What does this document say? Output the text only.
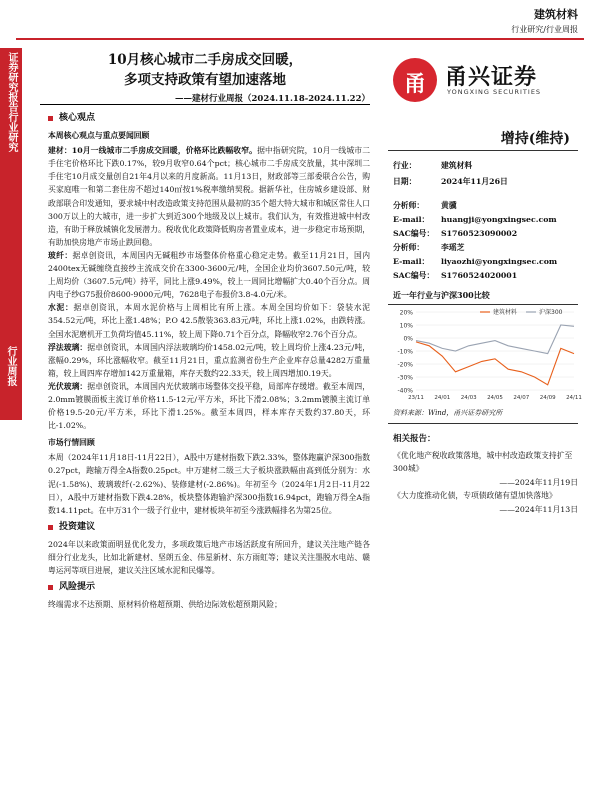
建筑材料
行业研究/行业周报
证券研究报告行业研究
行业周报
10月核心城市二手房成交回暖，
多项支持政策有望加速落地
——建材行业周报（2024.11.18-2024.11.22）
核心观点
本周核心观点与重点要闻回顾

建材：10月一线城市二手房成交回暖，价格环比跌幅收窄。据中指研究院，10月一线城市二手住宅价格环比下跌0.17%，较9月收窄0.64个pct；核心城市二手房成交放量，其中深圳二手住宅10月成交量创自21年4月以来的月度新高。11月13日，财政部等三部委联合公告，购买家庭唯一和第二套住房不超过140㎡按1%税率缴纳契税。据新华社，住房城乡建设部、财政部联合印发通知，要求城中村改造政策支持范围从最初的35个超大特大城市和城区常住人口300万以上的大城市，进一步扩大到近300个地级及以上城市。我们认为，有效推进城中村改造，有助于释放城镇化发展潜力。税收优化政策降低购房者置业成本，进一步稳定市场预期，有助加快房地产市场止跌回稳。

玻纤：据卓创资讯，本周国内无碱粗纱市场整体价格重心稳定走势。截至11月21日，国内2400tex无碱缠绕直接纱主流成交价在3300-3600元/吨，全国企业均价3607.50元/吨，较上周均价（3607.5元/吨）持平，同比上涨9.49%，较上一周同比增幅扩大0.40个百分点。周内电子纱G75报价8600-9000元/吨，7628电子布报价3.8-4.0元/米。

水泥：据卓创资讯，本周水泥价格与上周相比有所上涨。本周全国均价如下：袋装水泥354.52元/吨，环比上涨1.48%；P.O 42.5散装363.83元/吨，环比上涨1.02%，由跌转涨。全国水泥磨机开工负荷均值45.11%，较上周下降0.71个百分点，降幅收窄2.76个百分点。

浮法玻璃：据卓创资讯，本周国内浮法玻璃均价1458.02元/吨，较上周均价上涨4.23元/吨，涨幅0.29%，环比涨幅收窄。截至11月21日，重点监测省份生产企业库存总量4282万重量箱，较上周四库存增加142万重量箱，库存天数约22.33天，较上周四增加0.19天。

光伏玻璃：据卓创资讯，本周国内光伏玻璃市场整体交投平稳，局部库存缓增。截至本周四，2.0mm镀膜面板主流订单价格11.5-12元/平方米，环比下滑2.08%；3.2mm镀膜主流订单价格19.5-20元/平方米，环比下滑1.25%。截至本周四，样本库存天数约37.80天，环比-1.02%。

市场行情回顾

本周（2024年11月18日-11月22日），A股中万建材指数下跌2.33%，整体跑赢沪深300指数0.27pct，跑输万得全A指数0.25pct。中万建材二级三大子板块涨跌幅由高到低分别为：水泥(-1.58%)、玻璃玻纤(-2.62%)、装修建材(-2.86%)。年初至今（2024年1月2日-11月22日），A股中万建材指数下跌4.28%，板块整体跑输沪深300指数16.94pct，跑输万得全A指数14.11pct。在中万31个一级子行业中，建材板块年初至今涨跌幅排名为第25位。

投资建议

2024年以来政策面明显优化发力，多项政策后地产市场活跃度有所回升，建议关注地产链各细分行业龙头，比如北新建材、坚朗五金、伟星新材、东方雨虹等；建议关注墨脱水电站、赣粤运河等项目进展，建议关注区域水泥和民爆等。

风险提示

终端需求不达预期、原材料价格超预期、供给边际效松超预期风险；

甬 甬兴证券
YONGXING SECURITIES
增持(维持)
行业：	建筑材料
日期：	2024年11月26日
分析师： 黄骥
E-mail： huangji@yongxingsec.com
SAC编号： S1760523090002
分析师： 李瑶芝
E-mail： liyaozhi@yongxingsec.com
SAC编号： S1760524020001
近一年行业与沪深300比较
20%
10%
0%
-10%
-20%
-30%
-40%
23/11 24/01 24/03 24/05 24/07 24/09 24/11
建筑材料	沪深300
资料来源：Wind，甬兴证券研究所
相关报告：
《优化地产税收政策落地，城中村改造政策支持扩至300城》
——2024年11月19日
《大力度推动化债，专项债政储有望加快落地》
——2024年11月13日
